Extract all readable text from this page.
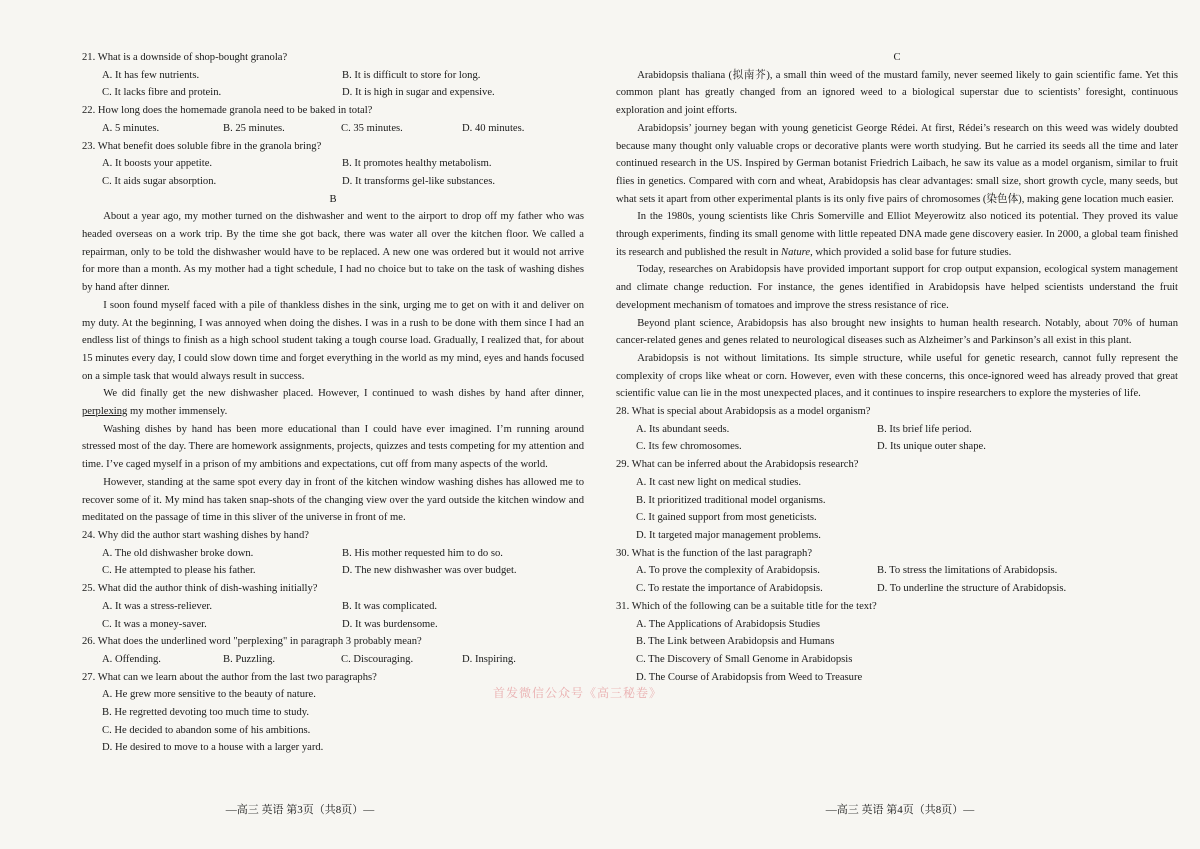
21. What is a downside of shop-bought granola?

A. It has few nutrients.	B. It is difficult to store for long.
C. It lacks fibre and protein.	D. It is high in sugar and expensive.

22. How long does the homemade granola need to be baked in total?

A. 5 minutes.	B. 25 minutes.	C. 35 minutes.	D. 40 minutes.

23. What benefit does soluble fibre in the granola bring?

A. It boosts your appetite.	B. It promotes healthy metabolism.
C. It aids sugar absorption.	D. It transforms gel-like substances.

B

About a year ago, my mother turned on the dishwasher and went to the airport to drop off my father who was headed overseas on a work trip. By the time she got back, there was water all over the kitchen floor. We called a repairman, only to be told the dishwasher would have to be replaced. A new one was ordered but it would not arrive for more than a month. As my mother had a tight schedule, I had no choice but to take on the task of washing dishes by hand after dinner.

I soon found myself faced with a pile of thankless dishes in the sink, urging me to get on with it and deliver on my duty. At the beginning, I was annoyed when doing the dishes. I was in a rush to be done with them since I had an endless list of things to finish as a high school student taking a tough course load. Gradually, I realized that, for about 15 minutes every day, I could slow down time and forget everything in the world as my mind, eyes and hands focused on a simple task that would always result in success.

We did finally get the new dishwasher placed. However, I continued to wash dishes by hand after dinner, perplexing my mother immensely.

Washing dishes by hand has been more educational than I could have ever imagined. I’m running around stressed most of the day. There are homework assignments, projects, quizzes and tests competing for my attention and time. I’ve caged myself in a prison of my ambitions and expectations, cut off from many aspects of the world.

However, standing at the same spot every day in front of the kitchen window washing dishes has allowed me to recover some of it. My mind has taken snap-shots of the changing view over the yard outside the kitchen window and meditated on the passage of time in this sliver of the universe in front of me.

24. Why did the author start washing dishes by hand?

A. The old dishwasher broke down.	B. His mother requested him to do so.
C. He attempted to please his father.	D. The new dishwasher was over budget.

25. What did the author think of dish-washing initially?

A. It was a stress-reliever.	B. It was complicated.
C. It was a money-saver.	D. It was burdensome.

26. What does the underlined word "perplexing" in paragraph 3 probably mean?

A. Offending.	B. Puzzling.	C. Discouraging.	D. Inspiring.

27. What can we learn about the author from the last two paragraphs?

A. He grew more sensitive to the beauty of nature.
B. He regretted devoting too much time to study.
C. He decided to abandon some of his ambitions.
D. He desired to move to a house with a larger yard.
—高三 英语 第3页（共8页）—

C

Arabidopsis thaliana (拟南芥), a small thin weed of the mustard family, never seemed likely to gain scientific fame. Yet this common plant has greatly changed from an ignored weed to a biological superstar due to scientists’ foresight, continuous exploration and joint efforts.

Arabidopsis’ journey began with young geneticist George Rédei. At first, Rédei’s research on this weed was widely doubted because many thought only valuable crops or decorative plants were worth studying. But he carried its seeds all the time and later continued research in the US. Inspired by German botanist Friedrich Laibach, he saw its value as a model organism, similar to fruit flies in genetics. Compared with corn and wheat, Arabidopsis has clear advantages: small size, short growth cycle, many seeds, but what sets it apart from other experimental plants is its only five pairs of chromosomes (染色体), making gene location much easier.

In the 1980s, young scientists like Chris Somerville and Elliot Meyerowitz also noticed its potential. They proved its value through experiments, finding its small genome with little repeated DNA made gene discovery easier. In 2000, a global team finished its research and published the result in Nature, which provided a solid base for future studies.

Today, researches on Arabidopsis have provided important support for crop output expansion, ecological system management and climate change reduction. For instance, the genes identified in Arabidopsis have helped scientists understand the fruit development mechanism of tomatoes and improve the stress resistance of rice.

Beyond plant science, Arabidopsis has also brought new insights to human health research. Notably, about 70% of human cancer-related genes and genes related to neurological diseases such as Alzheimer’s and Parkinson’s all exist in this plant.

Arabidopsis is not without limitations. Its simple structure, while useful for genetic research, cannot fully represent the complexity of crops like wheat or corn. However, even with these concerns, this once-ignored weed has already proved that great scientific value can lie in the most unexpected places, and it continues to inspire researchers to explore the mysteries of life.

28. What is special about Arabidopsis as a model organism?

A. Its abundant seeds.	B. Its brief life period.
C. Its few chromosomes.	D. Its unique outer shape.

29. What can be inferred about the Arabidopsis research?

A. It cast new light on medical studies.
B. It prioritized traditional model organisms.
C. It gained support from most geneticists.
D. It targeted major management problems.

30. What is the function of the last paragraph?

A. To prove the complexity of Arabidopsis.	B. To stress the limitations of Arabidopsis.
C. To restate the importance of Arabidopsis.	D. To underline the structure of Arabidopsis.

31. Which of the following can be a suitable title for the text?

A. The Applications of Arabidopsis Studies
B. The Link between Arabidopsis and Humans
C. The Discovery of Small Genome in Arabidopsis
D. The Course of Arabidopsis from Weed to Treasure
—高三 英语 第4页（共8页）—
首发微信公众号《高三秘卷》
